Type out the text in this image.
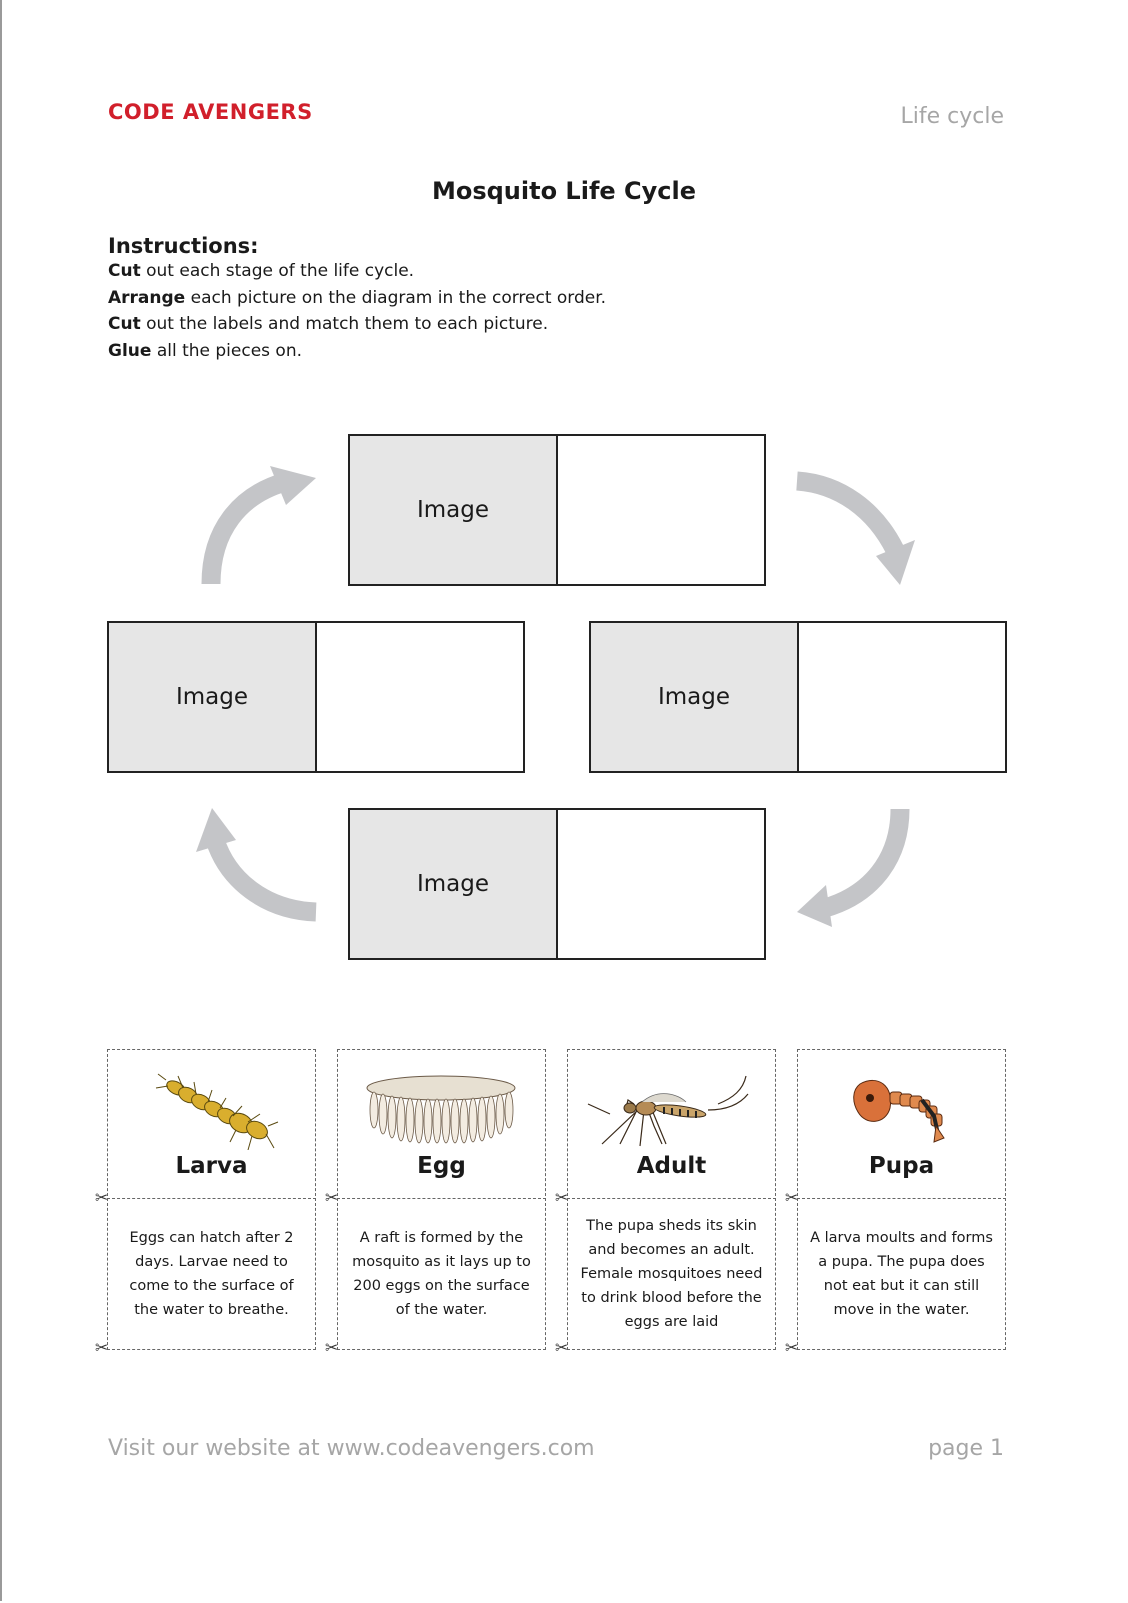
CODE AVENGERS	Life cycle
Mosquito Life Cycle
Instructions:
Cut out each stage of the life cycle.
Arrange each picture on the diagram in the correct order.
Cut out the labels and match them to each picture.
Glue all the pieces on.
Image
Image	Image
Image
Larva
Eggs can hatch after 2 days. Larvae need to come to the surface of the water to breathe.
Egg
A raft is formed by the mosquito as it lays up to 200 eggs on the surface of the water.
Adult
The pupa sheds its skin and becomes an adult. Female mosquitoes need to drink blood before the eggs are laid
Pupa
A larva moults and forms a pupa. The pupa does not eat but it can still move in the water.
✂
✂
✂
✂
✂
✂
✂
✂
Visit our website at www.codeavengers.com	page 1
